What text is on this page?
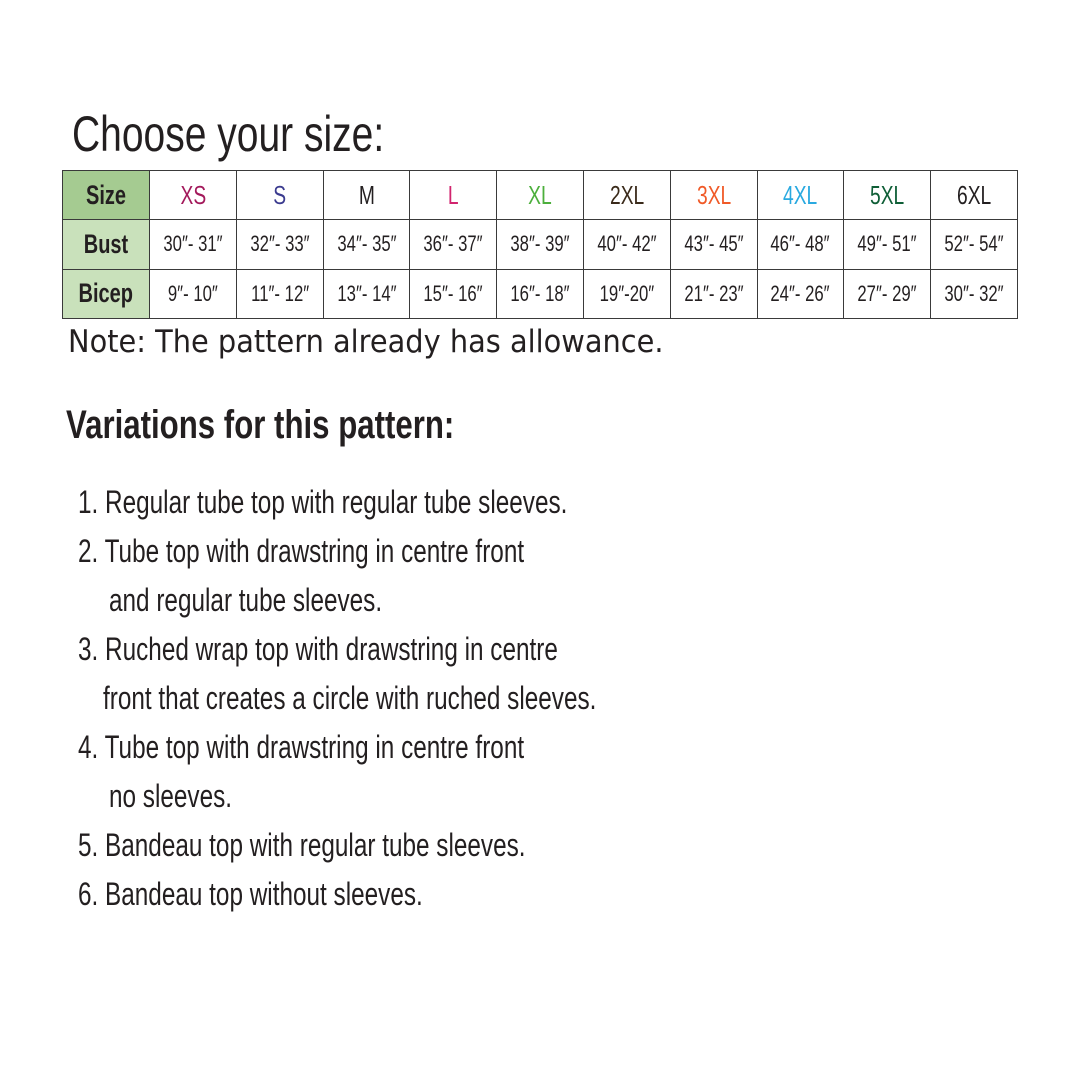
Choose your size:
Size	XS	S	M	L	XL	2XL	3XL	4XL	5XL	6XL
Bust	30″- 31″	32″- 33″	34″- 35″	36″- 37″	38″- 39″	40″- 42″	43″- 45″	46″- 48″	49″- 51″	52″- 54″
Bicep	9″- 10″	11″- 12″	13″- 14″	15″- 16″	16″- 18″	19″-20″	21″- 23″	24″- 26″	27″- 29″	30″- 32″
Note: The pattern already has allowance.
Variations for this pattern:
1. Regular tube top with regular tube sleeves.
2. Tube top with drawstring in centre front
and regular tube sleeves.
3. Ruched wrap top with drawstring in centre
front that creates a circle with ruched sleeves.
4. Tube top with drawstring in centre front
no sleeves.
5. Bandeau top with regular tube sleeves.
6. Bandeau top without sleeves.
